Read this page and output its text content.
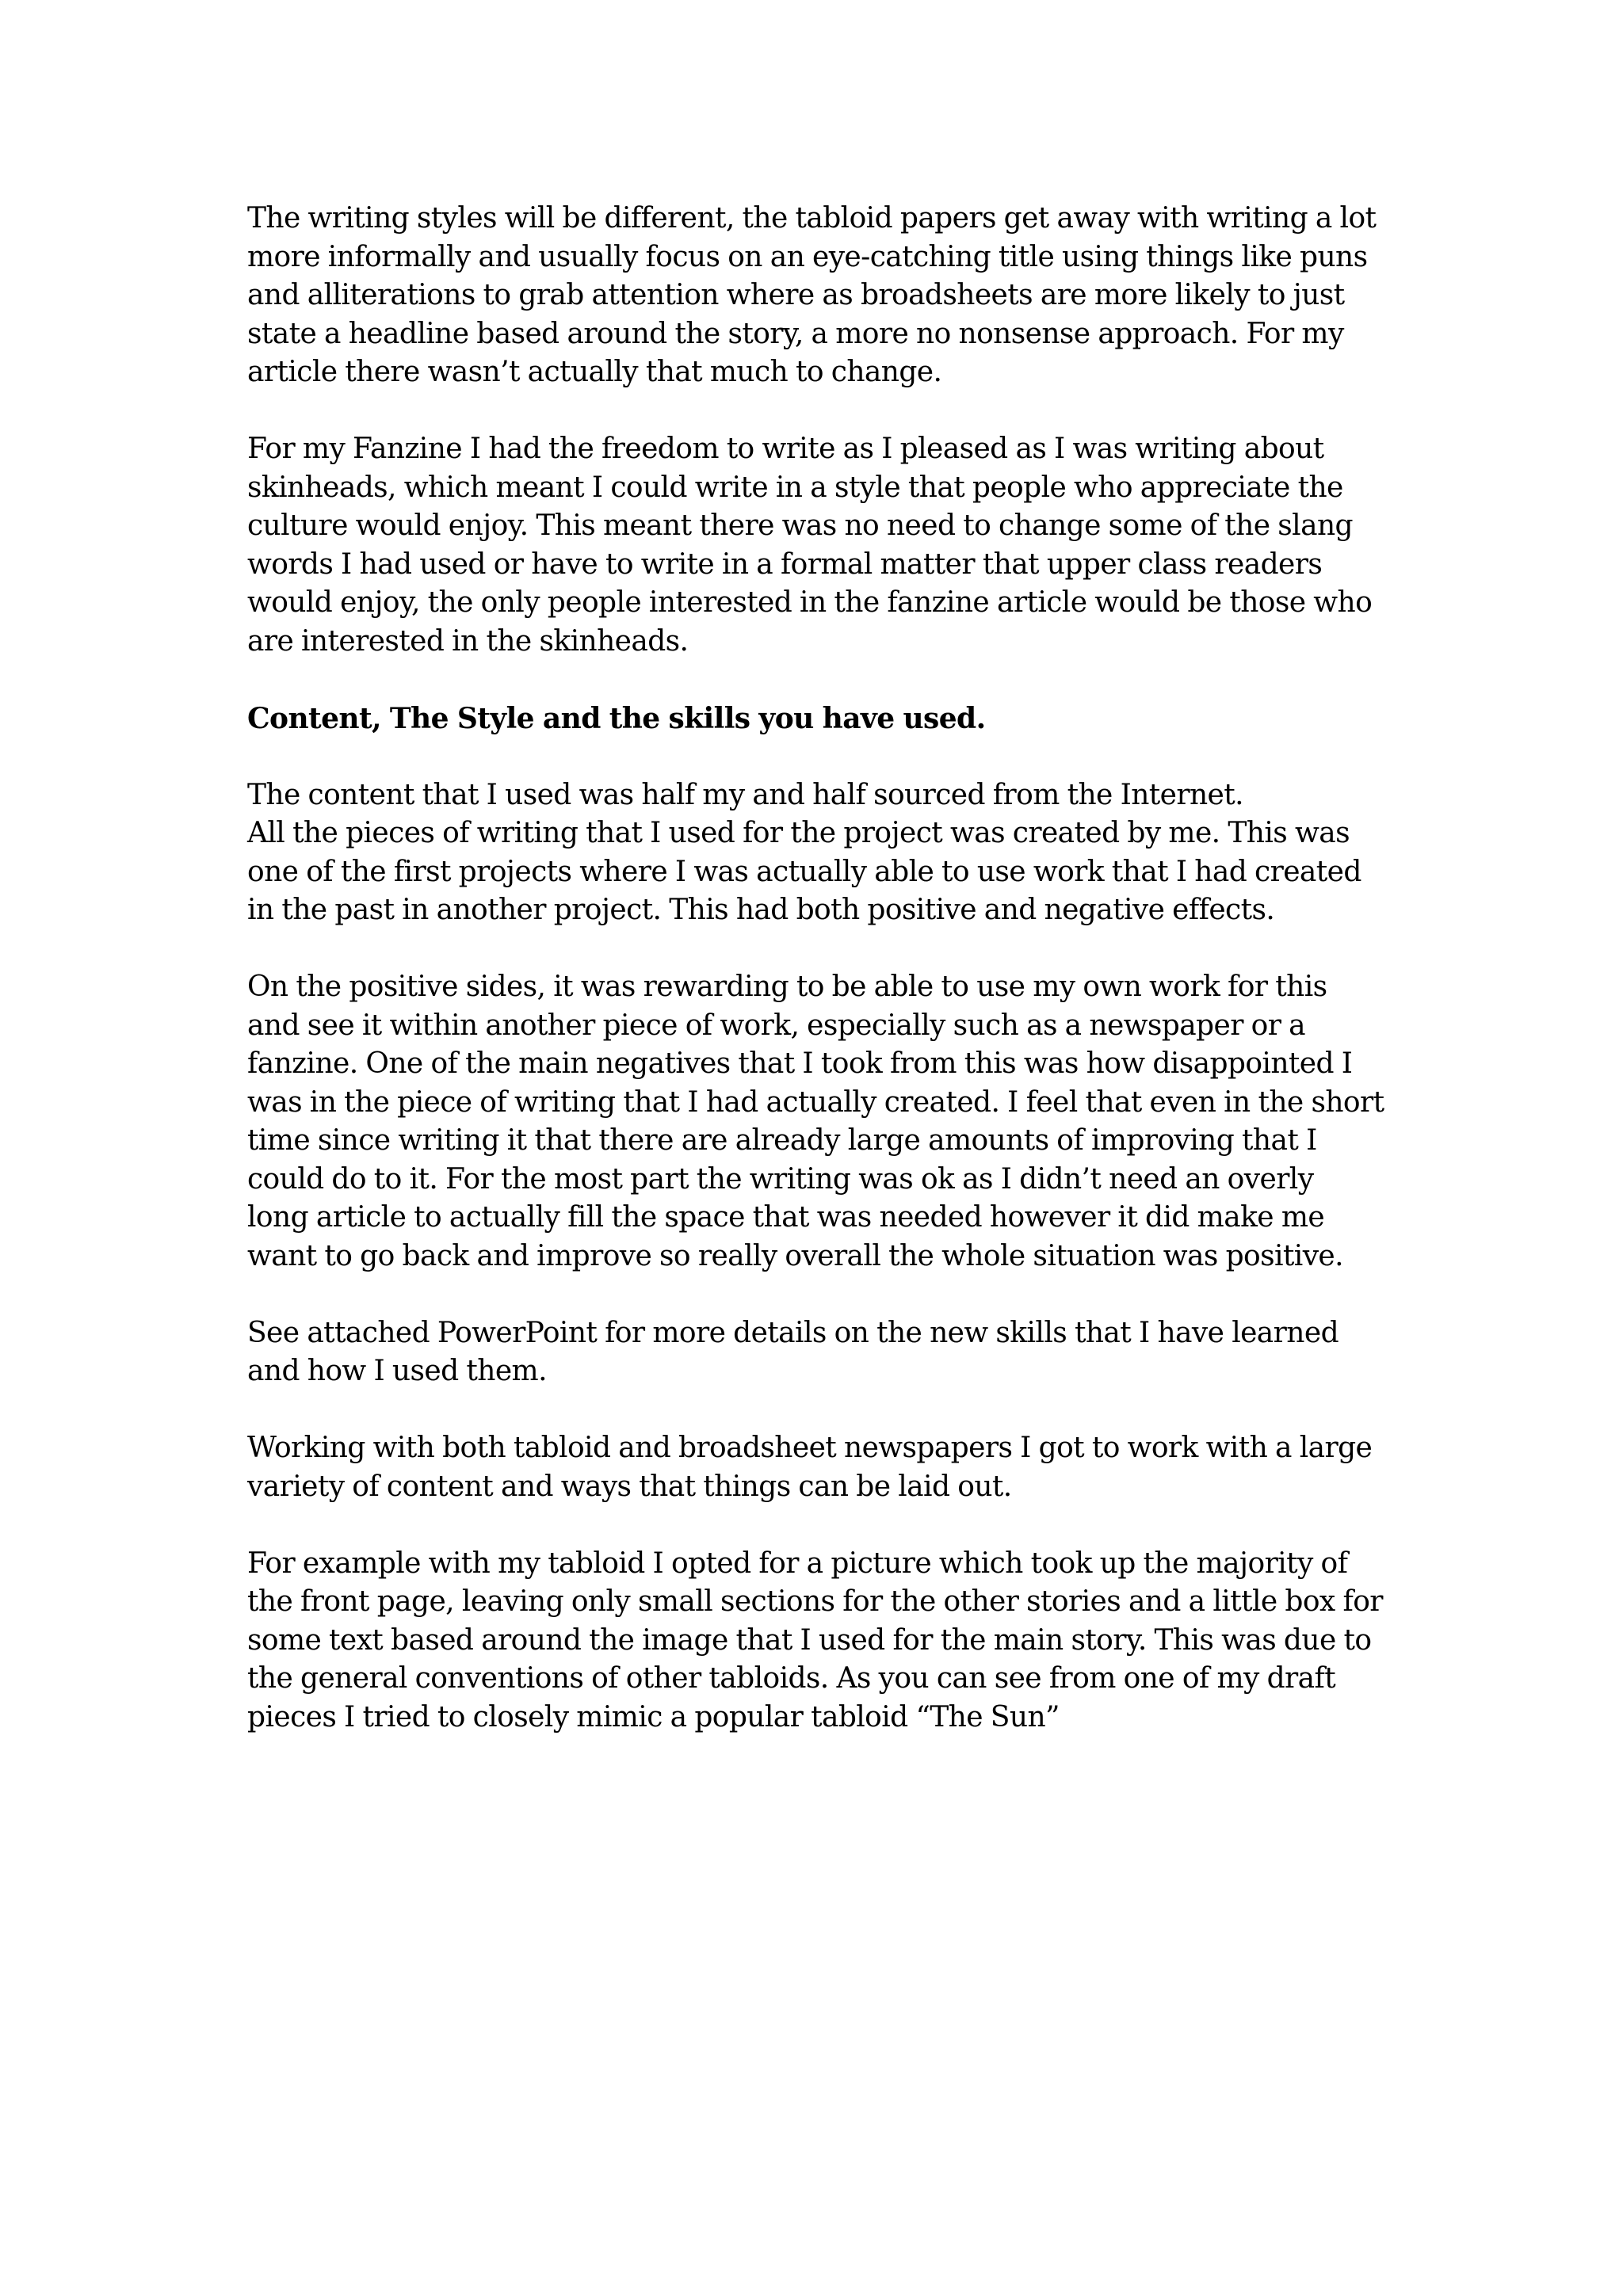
The writing styles will be different, the tabloid papers get away with writing a lot
more informally and usually focus on an eye-catching title using things like puns
and alliterations to grab attention where as broadsheets are more likely to just
state a headline based around the story, a more no nonsense approach. For my
article there wasn’t actually that much to change.

For my Fanzine I had the freedom to write as I pleased as I was writing about
skinheads, which meant I could write in a style that people who appreciate the
culture would enjoy. This meant there was no need to change some of the slang
words I had used or have to write in a formal matter that upper class readers
would enjoy, the only people interested in the fanzine article would be those who
are interested in the skinheads.

Content, The Style and the skills you have used.

The content that I used was half my and half sourced from the Internet.
All the pieces of writing that I used for the project was created by me. This was
one of the first projects where I was actually able to use work that I had created
in the past in another project. This had both positive and negative effects.

On the positive sides, it was rewarding to be able to use my own work for this
and see it within another piece of work, especially such as a newspaper or a
fanzine. One of the main negatives that I took from this was how disappointed I
was in the piece of writing that I had actually created. I feel that even in the short
time since writing it that there are already large amounts of improving that I
could do to it. For the most part the writing was ok as I didn’t need an overly
long article to actually fill the space that was needed however it did make me
want to go back and improve so really overall the whole situation was positive.

See attached PowerPoint for more details on the new skills that I have learned
and how I used them.

Working with both tabloid and broadsheet newspapers I got to work with a large
variety of content and ways that things can be laid out.

For example with my tabloid I opted for a picture which took up the majority of
the front page, leaving only small sections for the other stories and a little box for
some text based around the image that I used for the main story. This was due to
the general conventions of other tabloids. As you can see from one of my draft
pieces I tried to closely mimic a popular tabloid “The Sun”
